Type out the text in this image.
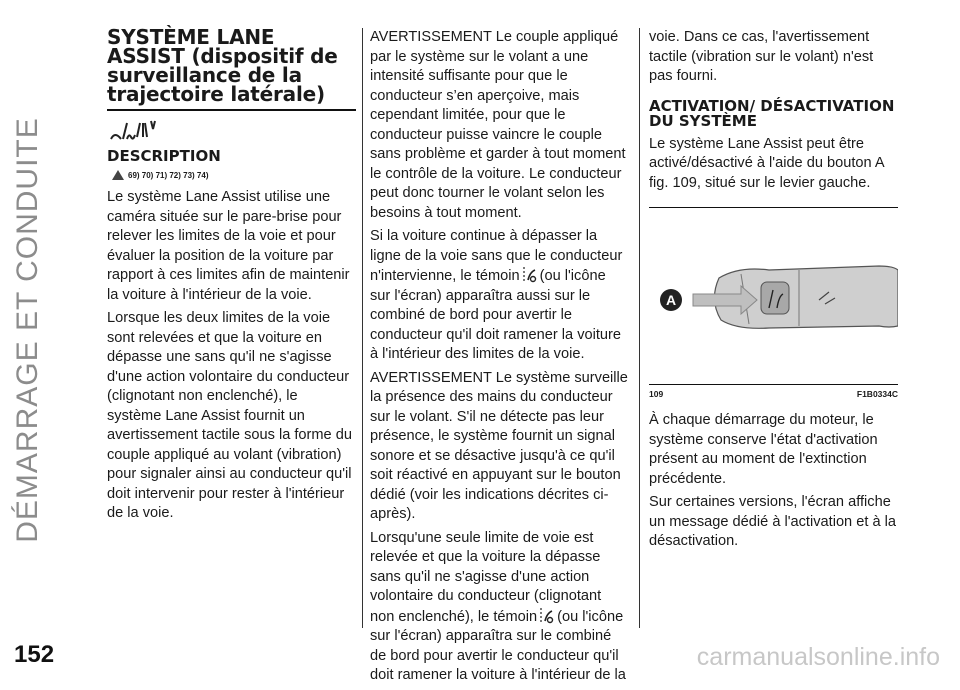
DÉMARRAGE ET CONDUITE
152	carmanualsonline.info
SYSTÈME LANE ASSIST (dispositif de surveillance de la trajectoire latérale)
DESCRIPTION
69) 70) 71) 72) 73) 74)

Le système Lane Assist utilise une caméra située sur le pare-brise pour relever les limites de la voie et pour évaluer la position de la voiture par rapport à ces limites afin de maintenir la voiture à l'intérieur de la voie.

Lorsque les deux limites de la voie sont relevées et que la voiture en dépasse une sans qu'il ne s'agisse d'une action volontaire du conducteur (clignotant non enclenché), le système Lane Assist fournit un avertissement tactile sous la forme du couple appliqué au volant (vibration) pour signaler ainsi au conducteur qu'il doit intervenir pour rester à l'intérieur de la voie.

AVERTISSEMENT Le couple appliqué par le système sur le volant a une intensité suffisante pour que le conducteur s’en aperçoive, mais cependant limitée, pour que le conducteur puisse vaincre le couple sans problème et garder à tout moment le contrôle de la voiture. Le conducteur peut donc tourner le volant selon les besoins à tout moment.

Si la voiture continue à dépasser la ligne de la voie sans que le conducteur n'intervienne, le témoin (ou l'icône sur l'écran) apparaîtra aussi sur le combiné de bord pour avertir le conducteur qu'il doit ramener la voiture à l'intérieur des limites de la voie.

AVERTISSEMENT Le système surveille la présence des mains du conducteur sur le volant. S'il ne détecte pas leur présence, le système fournit un signal sonore et se désactive jusqu'à ce qu'il soit réactivé en appuyant sur le bouton dédié (voir les indications décrites ci-après).

Lorsqu'une seule limite de voie est relevée et que la voiture la dépasse sans qu'il ne s'agisse d'une action volontaire du conducteur (clignotant non enclenché), le témoin (ou l'icône sur l'écran) apparaîtra sur le combiné de bord pour avertir le conducteur qu'il doit ramener la voiture à l'intérieur de la

voie. Dans ce cas, l'avertissement tactile (vibration sur le volant) n'est pas fourni.

ACTIVATION/ DÉSACTIVATION DU SYSTÈME

Le système Lane Assist peut être activé/désactivé à l'aide du bouton A fig. 109, situé sur le levier gauche.

A
109	F1B0334C

À chaque démarrage du moteur, le système conserve l'état d'activation présent au moment de l'extinction précédente.

Sur certaines versions, l'écran affiche un message dédié à l'activation et à la désactivation.
